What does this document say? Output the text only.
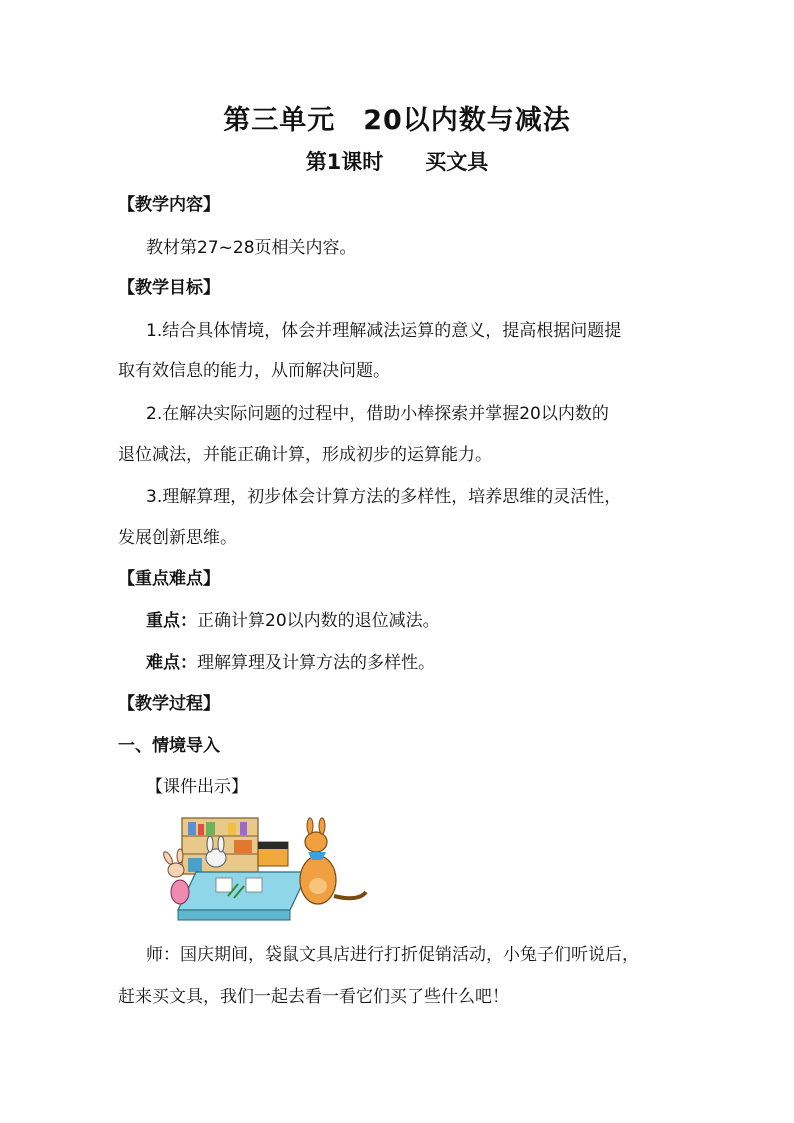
第三单元　20以内数与减法
第1课时　　买文具
【教学内容】
教材第27~28页相关内容。
【教学目标】
1.结合具体情境，体会并理解减法运算的意义，提高根据问题提
取有效信息的能力，从而解决问题。
2.在解决实际问题的过程中，借助小棒探索并掌握20以内数的
退位减法，并能正确计算，形成初步的运算能力。
3.理解算理，初步体会计算方法的多样性，培养思维的灵活性，
发展创新思维。
【重点难点】
重点：正确计算20以内数的退位减法。
难点：理解算理及计算方法的多样性。
【教学过程】
一、情境导入
【课件出示】
师：国庆期间，袋鼠文具店进行打折促销活动，小兔子们听说后，
赶来买文具，我们一起去看一看它们买了些什么吧！
